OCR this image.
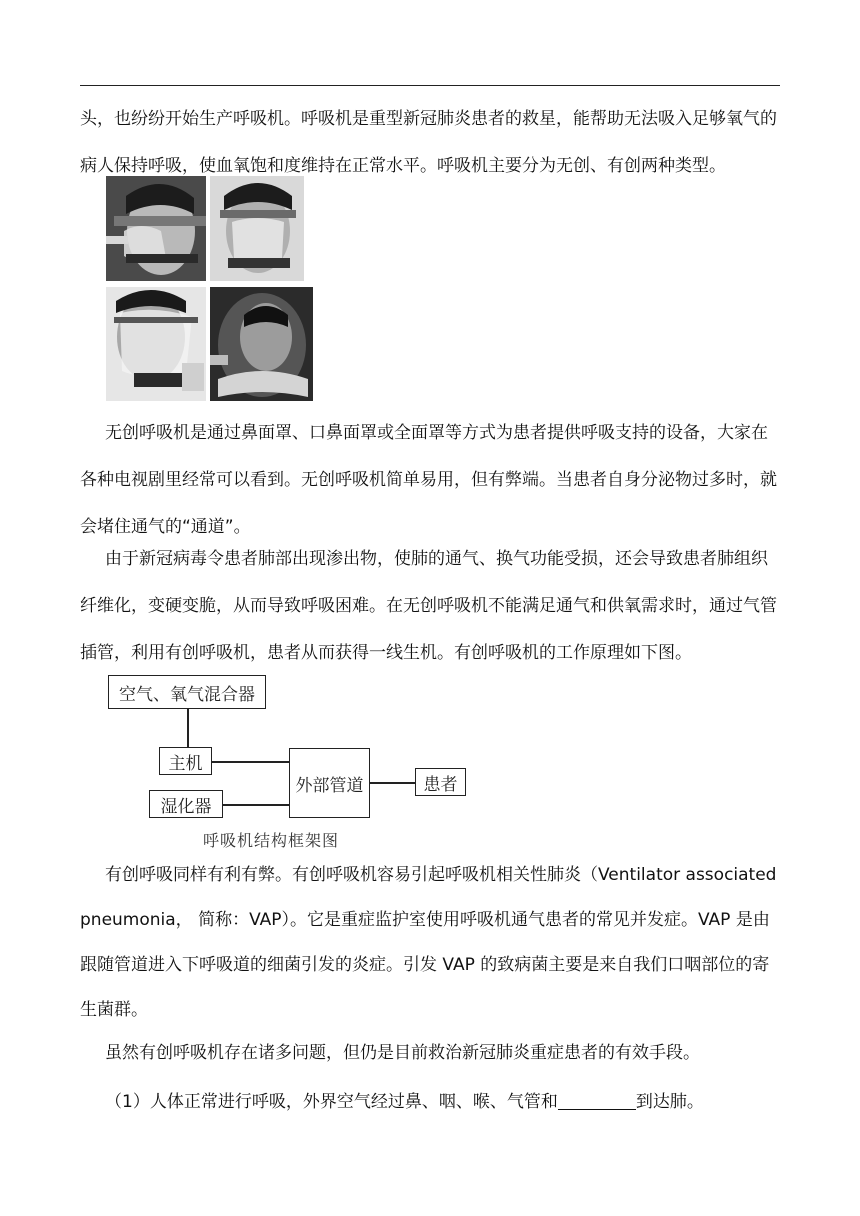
头，也纷纷开始生产呼吸机。呼吸机是重型新冠肺炎患者的救星，能帮助无法吸入足够氧气的病人保持呼吸，使血氧饱和度维持在正常水平。呼吸机主要分为无创、有创两种类型。

无创呼吸机是通过鼻面罩、口鼻面罩或全面罩等方式为患者提供呼吸支持的设备，大家在各种电视剧里经常可以看到。无创呼吸机简单易用，但有弊端。当患者自身分泌物过多时，就会堵住通气的“通道”。

由于新冠病毒令患者肺部出现渗出物，使肺的通气、换气功能受损，还会导致患者肺组织纤维化，变硬变脆，从而导致呼吸困难。在无创呼吸机不能满足通气和供氧需求时，通过气管插管，利用有创呼吸机，患者从而获得一线生机。有创呼吸机的工作原理如下图。

空气、氧气混合器
主机
湿化器
外部管道	患者
呼吸机结构框架图

有创呼吸同样有利有弊。有创呼吸机容易引起呼吸机相关性肺炎（Ventilator associated pneumonia， 简称：VAP）。它是重症监护室使用呼吸机通气患者的常见并发症。VAP 是由跟随管道进入下呼吸道的细菌引发的炎症。引发 VAP 的致病菌主要是来自我们口咽部位的寄生菌群。

虽然有创呼吸机存在诸多问题，但仍是目前救治新冠肺炎重症患者的有效手段。

（1）人体正常进行呼吸，外界空气经过鼻、咽、喉、气管和	到达肺。
